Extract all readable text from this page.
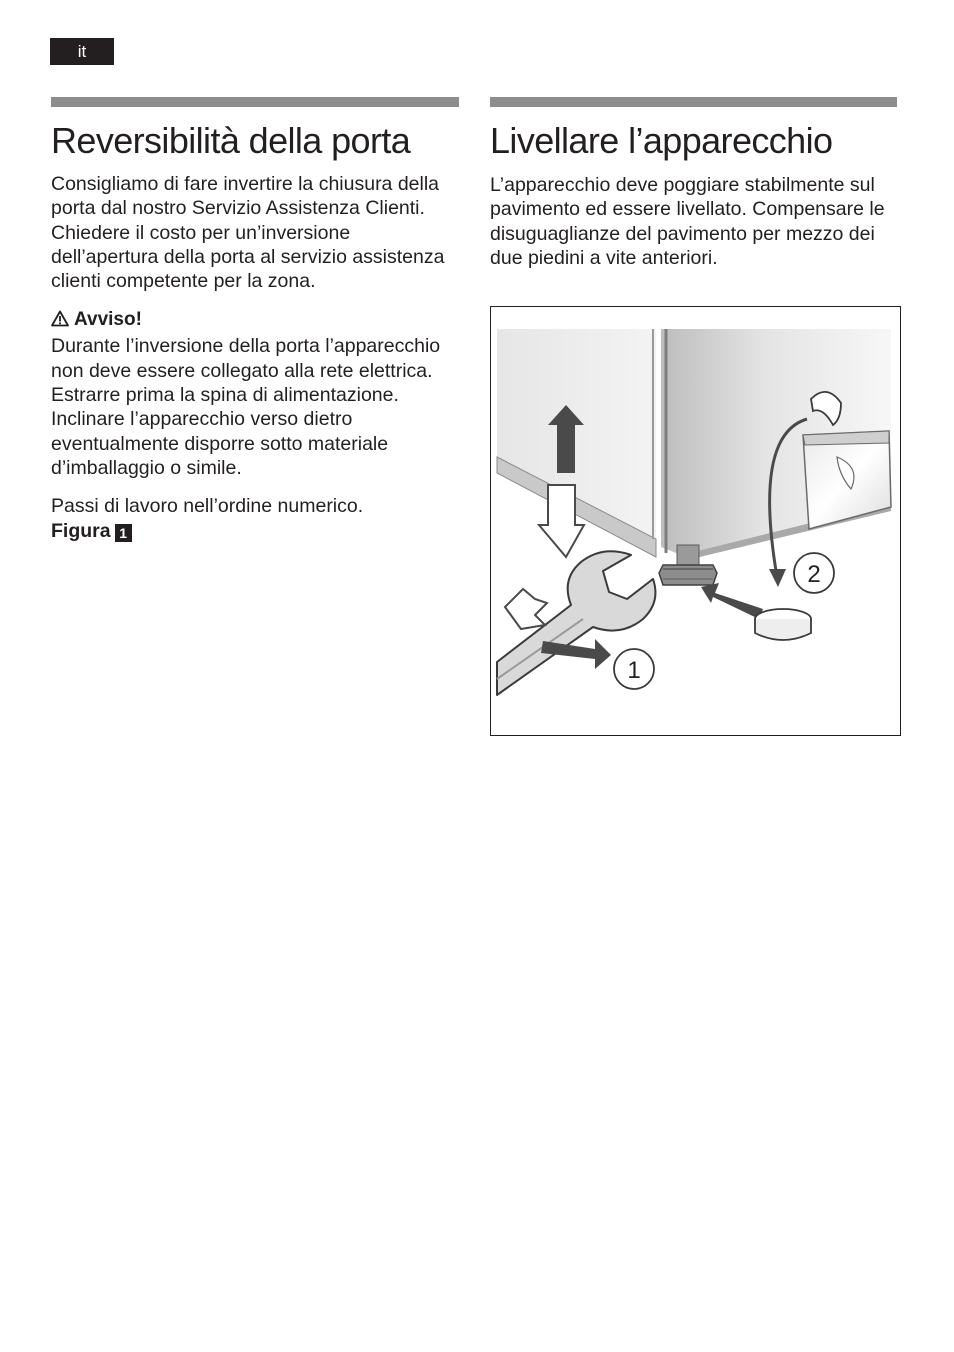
it
Reversibilità della porta

Consigliamo di fare invertire la chiusura della porta dal nostro Servizio Assistenza Clienti. Chiedere il costo per un’inversione dell’apertura della porta al servizio assistenza clienti competente per la zona.

Avviso!

Durante l’inversione della porta l’apparecchio non deve essere collegato alla rete elettrica. Estrarre prima la spina di alimentazione. Inclinare l’apparecchio verso dietro eventualmente disporre sotto materiale d’imballaggio o simile.

Passi di lavoro nell’ordine numerico.

Figura 1

Livellare l’apparecchio

L’apparecchio deve poggiare stabilmente sul pavimento ed essere livellato. Compensare le disuguaglianze del pavimento per mezzo dei due piedini a vite anteriori.

1
2
